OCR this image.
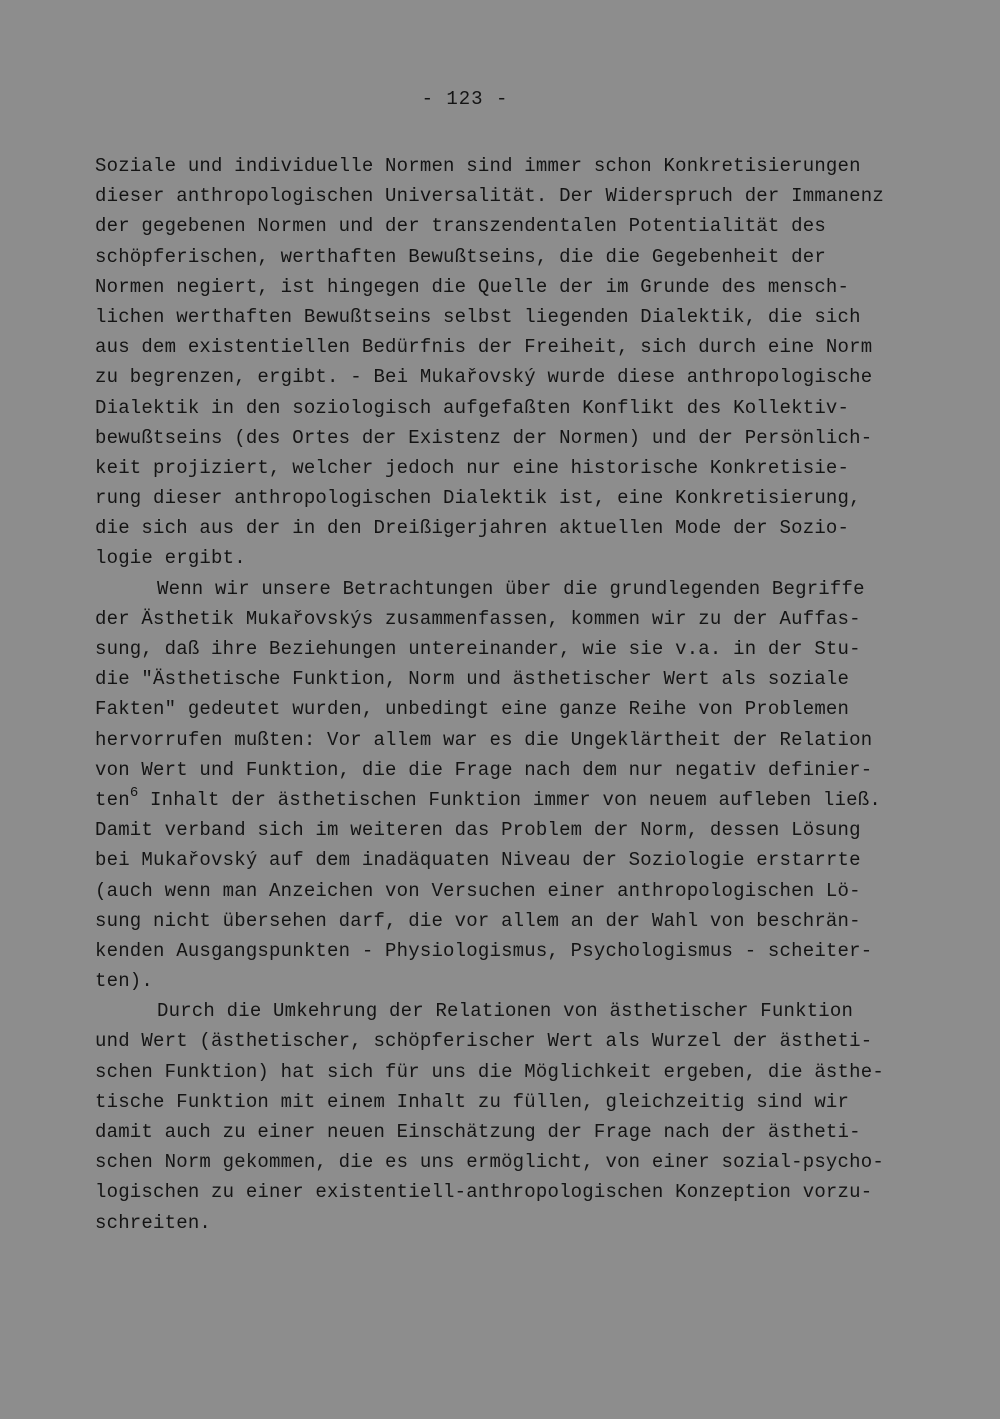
- 123 -
Soziale und individuelle Normen sind immer schon Konkretisierungen
dieser anthropologischen Universalität. Der Widerspruch der Immanenz
der gegebenen Normen und der transzendentalen Potentialität des
schöpferischen, werthaften Bewußtseins, die die Gegebenheit der
Normen negiert, ist hingegen die Quelle der im Grunde des mensch-
lichen werthaften Bewußtseins selbst liegenden Dialektik, die sich
aus dem existentiellen Bedürfnis der Freiheit, sich durch eine Norm
zu begrenzen, ergibt. - Bei Mukařovský wurde diese anthropologische
Dialektik in den soziologisch aufgefaßten Konflikt des Kollektiv-
bewußtseins (des Ortes der Existenz der Normen) und der Persönlich-
keit projiziert, welcher jedoch nur eine historische Konkretisie-
rung dieser anthropologischen Dialektik ist, eine Konkretisierung,
die sich aus der in den Dreißigerjahren aktuellen Mode der Sozio-
logie ergibt.
Wenn wir unsere Betrachtungen über die grundlegenden Begriffe
der Ästhetik Mukařovskýs zusammenfassen, kommen wir zu der Auffas-
sung, daß ihre Beziehungen untereinander, wie sie v.a. in der Stu-
die "Ästhetische Funktion, Norm und ästhetischer Wert als soziale
Fakten" gedeutet wurden, unbedingt eine ganze Reihe von Problemen
hervorrufen mußten: Vor allem war es die Ungeklärtheit der Relation
von Wert und Funktion, die die Frage nach dem nur negativ definier-
ten$^6$ Inhalt der ästhetischen Funktion immer von neuem aufleben ließ.
Damit verband sich im weiteren das Problem der Norm, dessen Lösung
bei Mukařovský auf dem inadäquaten Niveau der Soziologie erstarrte
(auch wenn man Anzeichen von Versuchen einer anthropologischen Lö-
sung nicht übersehen darf, die vor allem an der Wahl von beschrän-
kenden Ausgangspunkten - Physiologismus, Psychologismus - scheiter-
ten).
Durch die Umkehrung der Relationen von ästhetischer Funktion
und Wert (ästhetischer, schöpferischer Wert als Wurzel der ästheti-
schen Funktion) hat sich für uns die Möglichkeit ergeben, die ästhe-
tische Funktion mit einem Inhalt zu füllen, gleichzeitig sind wir
damit auch zu einer neuen Einschätzung der Frage nach der ästheti-
schen Norm gekommen, die es uns ermöglicht, von einer sozial-psycho-
logischen zu einer existentiell-anthropologischen Konzeption vorzu-
schreiten.
